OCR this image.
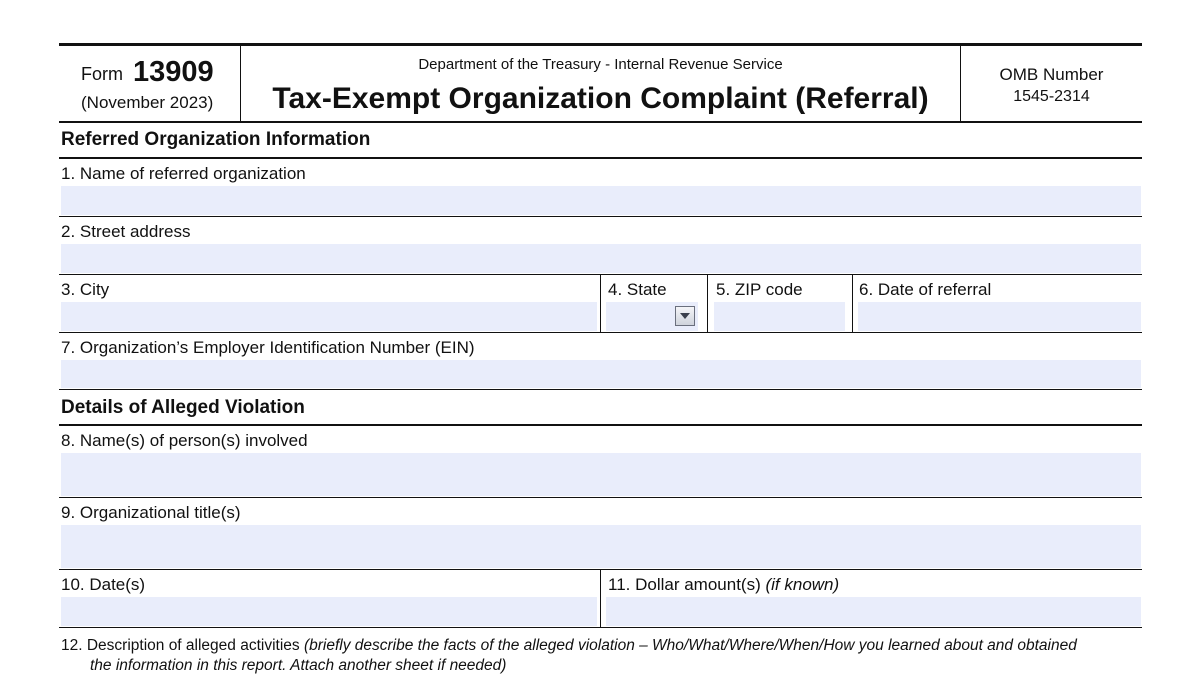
Form 13909
(November 2023)
Department of the Treasury - Internal Revenue Service
Tax-Exempt Organization Complaint (Referral)
OMB Number
1545-2314
Referred Organization Information
1. Name of referred organization
2. Street address
3. City	4. State	5. ZIP code	6. Date of referral
7. Organization’s Employer Identification Number (EIN)
Details of Alleged Violation
8. Name(s) of person(s) involved
9. Organizational title(s)
10. Date(s)	11. Dollar amount(s) (if known)
12. Description of alleged activities (briefly describe the facts of the alleged violation – Who/What/Where/When/How you learned about and obtained
the information in this report. Attach another sheet if needed)
